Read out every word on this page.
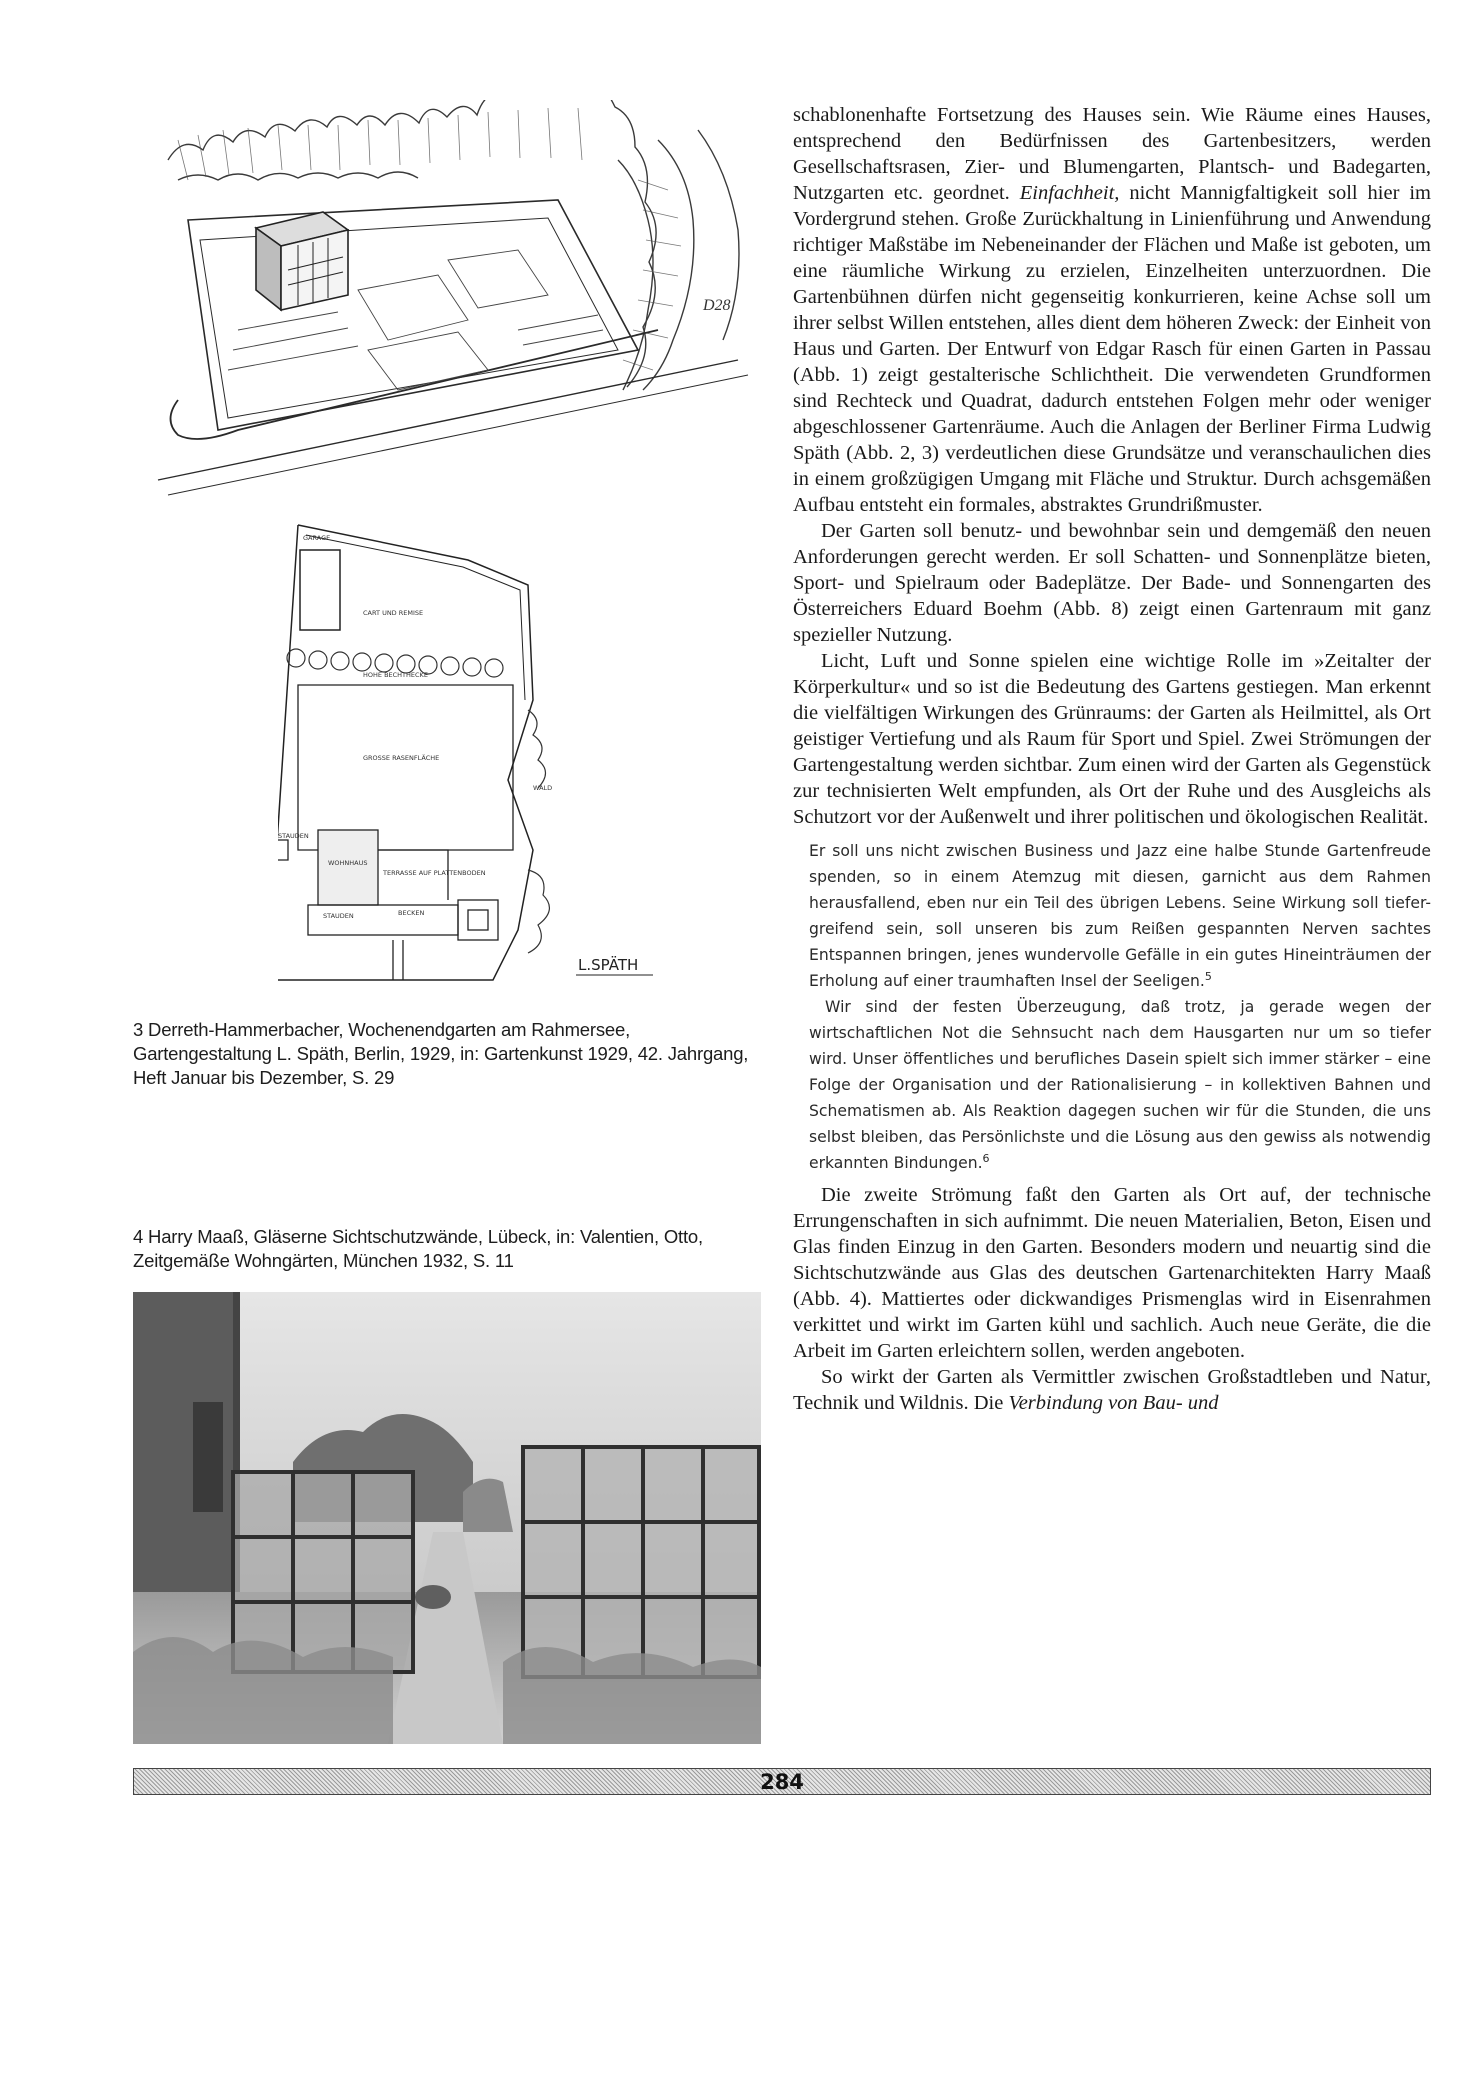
D28
GARAGE
CART UND REMISE
HOHE BECHTHECKE
GROSSE RASENFLÄCHE
STAUDEN
WOHNHAUS
TERRASSE AUF PLATTENBODEN
STAUDEN	BECKEN
WALD
L.SPÄTH

3 Derreth-Hammerbacher, Wochenendgarten am Rahmersee, Gartengestaltung L. Späth, Berlin, 1929, in: Gartenkunst 1929, 42. Jahrgang, Heft Januar bis Dezember, S. 29

4 Harry Maaß, Gläserne Sichtschutzwände, Lübeck, in: Valentien, Otto, Zeitgemäße Wohngärten, München 1932, S. 11

schablonenhafte Fortsetzung des Hauses sein. Wie Räume eines Hauses, entsprechend den Bedürfnissen des Gartenbesitzers, werden Gesellschaftsrasen, Zier- und Blumengarten, Plantsch- und Badegarten, Nutzgarten etc. geordnet. Einfachheit, nicht Mannigfaltigkeit soll hier im Vordergrund stehen. Große Zurückhaltung in Linienführung und Anwendung richtiger Maßstäbe im Nebeneinander der Flächen und Maße ist geboten, um eine räumliche Wirkung zu erzielen, Einzelheiten unterzuordnen. Die Gartenbühnen dürfen nicht gegenseitig konkurrieren, keine Achse soll um ihrer selbst Willen entstehen, alles dient dem höheren Zweck: der Einheit von Haus und Garten. Der Entwurf von Edgar Rasch für einen Garten in Passau (Abb. 1) zeigt gestalterische Schlichtheit. Die verwendeten Grundformen sind Rechteck und Quadrat, dadurch entstehen Folgen mehr oder weniger abgeschlossener Gartenräume. Auch die Anlagen der Berliner Firma Ludwig Späth (Abb. 2, 3) verdeutlichen diese Grundsätze und veranschaulichen dies in einem großzügigen Umgang mit Fläche und Struktur. Durch achsgemäßen Aufbau entsteht ein formales, abstraktes Grundrißmuster.

Der Garten soll benutz- und bewohnbar sein und demgemäß den neuen Anforderungen gerecht werden. Er soll Schatten- und Sonnenplätze bieten, Sport- und Spielraum oder Badeplätze. Der Bade- und Sonnengarten des Österreichers Eduard Boehm (Abb. 8) zeigt einen Gartenraum mit ganz spezieller Nutzung.

Licht, Luft und Sonne spielen eine wichtige Rolle im »Zeitalter der Körperkultur« und so ist die Bedeutung des Gartens gestiegen. Man erkennt die vielfältigen Wirkungen des Grünraums: der Garten als Heilmittel, als Ort geistiger Vertiefung und als Raum für Sport und Spiel. Zwei Strömungen der Gartengestaltung werden sichtbar. Zum einen wird der Garten als Gegenstück zur technisierten Welt empfunden, als Ort der Ruhe und des Ausgleichs als Schutzort vor der Außenwelt und ihrer politischen und ökologischen Realität.

Er soll uns nicht zwischen Business und Jazz eine halbe Stunde Gartenfreude spenden, so in einem Atemzug mit diesen, garnicht aus dem Rahmen herausfallend, eben nur ein Teil des übrigen Lebens. Seine Wirkung soll tiefer-greifend sein, soll unseren bis zum Reißen gespannten Nerven sachtes Entspannen bringen, jenes wundervolle Gefälle in ein gutes Hineinträumen der Erholung auf einer traumhaften Insel der Seeligen.$^5$

Wir sind der festen Überzeugung, daß trotz, ja gerade wegen der wirtschaftlichen Not die Sehnsucht nach dem Hausgarten nur um so tiefer wird. Unser öffentliches und berufliches Dasein spielt sich immer stärker – eine Folge der Organisation und der Rationalisierung – in kollektiven Bahnen und Schematismen ab. Als Reaktion dagegen suchen wir für die Stunden, die uns selbst bleiben, das Persönlichste und die Lösung aus den gewiss als notwendig erkannten Bindungen.$^6$

Die zweite Strömung faßt den Garten als Ort auf, der technische Errungenschaften in sich aufnimmt. Die neuen Materialien, Beton, Eisen und Glas finden Einzug in den Garten. Besonders modern und neuartig sind die Sichtschutzwände aus Glas des deutschen Gartenarchitekten Harry Maaß (Abb. 4). Mattiertes oder dickwandiges Prismenglas wird in Eisenrahmen verkittet und wirkt im Garten kühl und sachlich. Auch neue Geräte, die die Arbeit im Garten erleichtern sollen, werden angeboten.

So wirkt der Garten als Vermittler zwischen Großstadtleben und Natur, Technik und Wildnis. Die Verbindung von Bau- und

284
